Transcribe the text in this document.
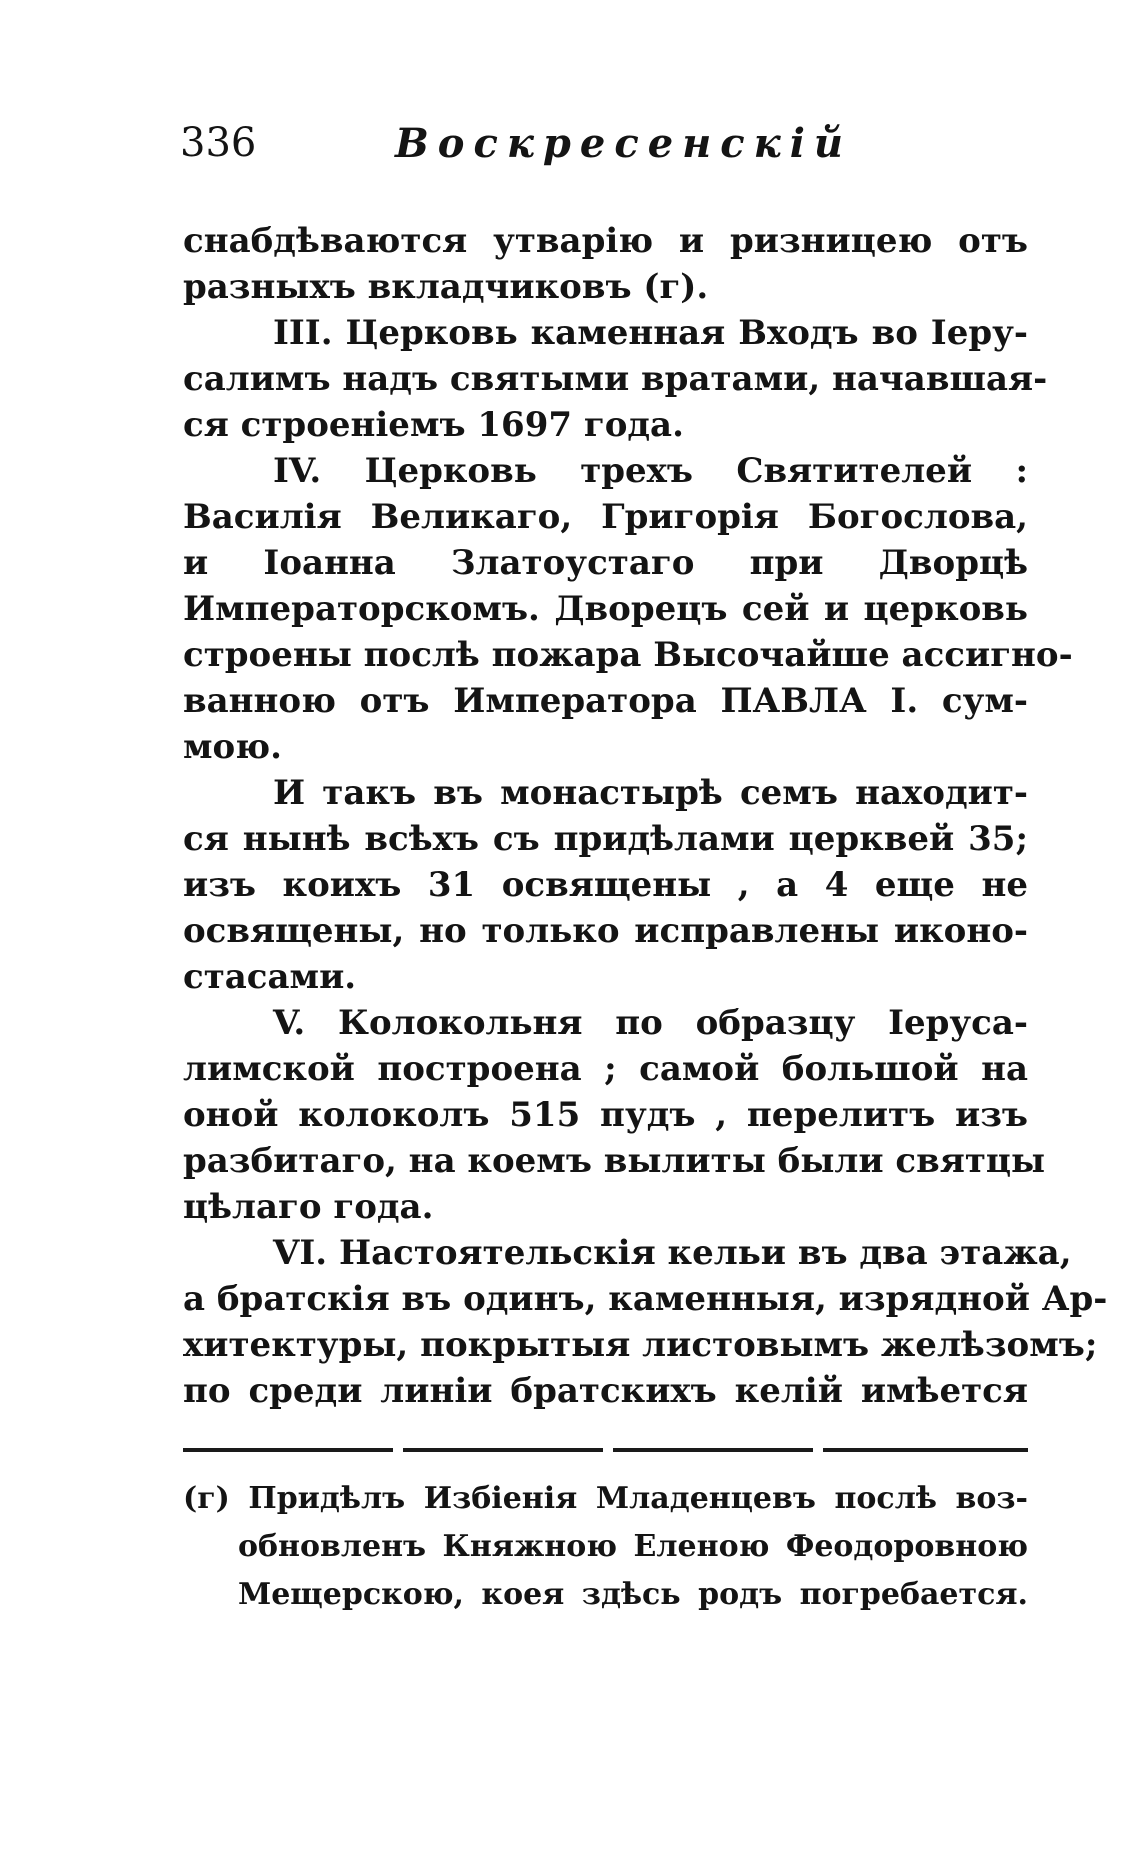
336	Воскресенскій
снабдѣваются утварію и ризницею отъ
разныхъ вкладчиковъ (г).
III. Церковь каменная Входъ во Іеру-
салимъ надъ святыми вратами, начавшая-
ся строеніемъ 1697 года.
IV. Церковь трехъ Святителей :
Василія Великаго, Григорія Богослова,
и Іоанна Златоустаго при Дворцѣ
Императорскомъ. Дворецъ сей и церковь
строены послѣ пожара Высочайше ассигно-
ванною отъ Императора ПАВЛА I. сум-
мою.
И такъ въ монастырѣ семъ находит-
ся нынѣ всѣхъ съ придѣлами церквей 35;
изъ коихъ 31 освящены , а 4 еще не
освящены, но только исправлены иконо-
стасами.
V. Колокольня по образцу Іерусa-
лимской построена ; самой большой на
оной колоколъ 515 пудъ , перелитъ изъ
разбитаго, на коемъ вылиты были святцы
цѣлаго года.
VI. Настоятельскія кельи въ два этажа,
а братскія въ одинъ, каменныя, изрядной Ар-
хитектуры, покрытыя листовымъ желѣзомъ;
по среди линіи братскихъ келій имѣется
(г) Придѣлъ Избіенія Младенцевъ послѣ воз-
обновленъ Княжною Еленою Феодоровною
Мещерскою, коея здѣсь родъ погребается.
